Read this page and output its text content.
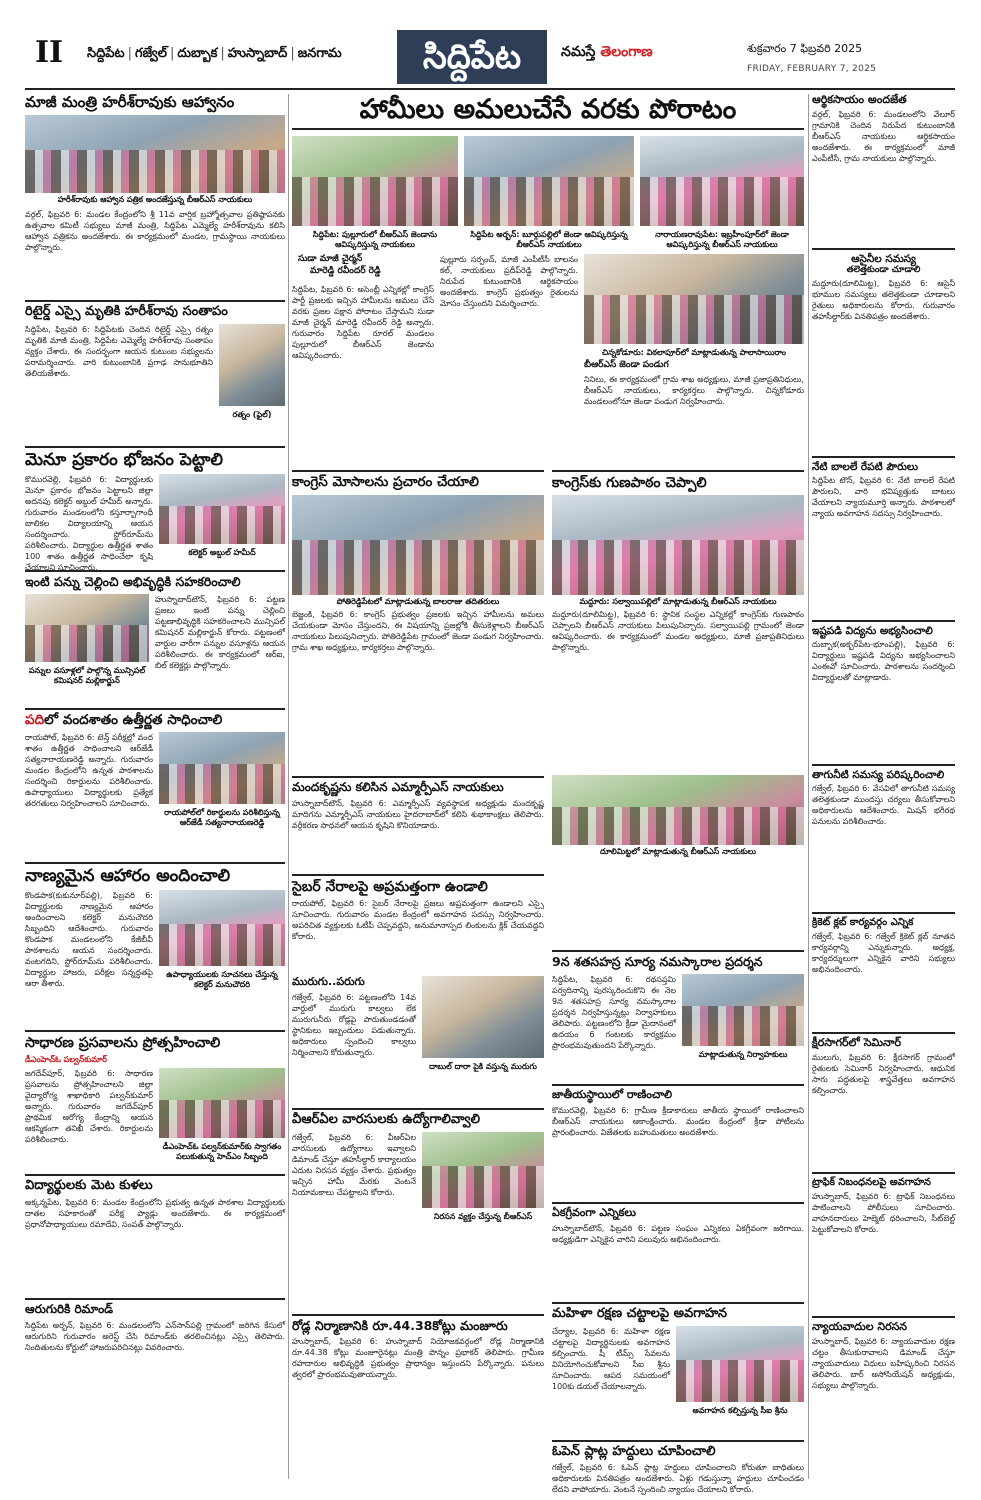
II సిద్దిపేట | గజ్వేల్ | దుబ్బాక | హుస్నాబాద్ | జనగామ	సిద్దిపేట	నమస్తే తెలంగాణ	శుక్రవారం 7 ఫిబ్రవరి 2025
FRIDAY, FEBRUARY 7, 2025
మాజీ మంత్రి హరీశ్‌రావుకు ఆహ్వానం
హరీశ్‌రావుకు ఆహ్వాన పత్రిక అందజేస్తున్న బీఆర్‌ఎస్ నాయకులు
వర్గల్, ఫిబ్రవరి 6: మండల కేంద్రంలోని శ్రీ 11వ వార్షిక బ్రహ్మోత్సవాల ప్రతిష్ఠాపనకు ఉత్సవాల కమిటీ సభ్యులు మాజీ మంత్రి, సిద్దిపేట ఎమ్మెల్యే హరీశ్‌రావును కలిసి ఆహ్వాన పత్రికను అందజేశారు. ఈ కార్యక్రమంలో మండల, గ్రామస్థాయి నాయకులు పాల్గొన్నారు.
రిటైర్డ్ ఎస్సై మృతికి హరీశ్‌రావు సంతాపం
సిద్దిపేట, ఫిబ్రవరి 6: సిద్దిపేటకు చెందిన రిటైర్డ్ ఎస్సై రత్నం మృతికి మాజీ మంత్రి, సిద్దిపేట ఎమ్మెల్యే హరీశ్‌రావు సంతాపం వ్యక్తం చేశారు. ఈ సందర్భంగా ఆయన కుటుంబ సభ్యులను పరామర్శించారు. వారి కుటుంబానికి ప్రగాఢ సానుభూతిని తెలియజేశారు.
రత్నం (ఫైల్)
మెనూ ప్రకారం భోజనం పెట్టాలి
కొమురవెల్లి, ఫిబ్రవరి 6: విద్యార్థులకు మెనూ ప్రకారం భోజనం పెట్టాలని జిల్లా అదనపు కలెక్టర్ అబ్దుల్ హమీద్ అన్నారు. గురువారం మండలంలోని కస్తూర్బాగాంధీ బాలికల విద్యాలయాన్ని ఆయన సందర్శించారు. స్టోర్‌రూమ్‌ను పరిశీలించారు. విద్యార్థుల ఉత్తీర్ణత శాతం 100 శాతం ఉత్తీర్ణత సాధించేలా కృషి చేయాలని సూచించారు.
కలెక్టర్ అబ్దుల్ హమీద్
ఇంటి పన్ను చెల్లించి అభివృద్ధికి సహకరించాలి
పన్నుల వసూళ్లలో పాల్గొన్న మున్సిపల్ కమిషనర్ మల్లికార్జున్
హుస్నాబాద్‌టౌన్, ఫిబ్రవరి 6: పట్టణ ప్రజలు ఇంటి పన్ను చెల్లించి పట్టణాభివృద్ధికి సహకరించాలని మున్సిపల్ కమిషనర్ మల్లికార్జున్ కోరారు. పట్టణంలో వార్డుల వారీగా పన్నుల వసూళ్లను ఆయన పరిశీలించారు. ఈ కార్యక్రమంలో ఆర్‌ఐ, బిల్ కలెక్టర్లు పాల్గొన్నారు.
పదిలో వందశాతం ఉత్తీర్ణత సాధించాలి
రాయపోల్, ఫిబ్రవరి 6: టెన్త్ పరీక్షల్లో వంద శాతం ఉత్తీర్ణత సాధించాలని ఆర్‌జేడీ సత్యనారాయణరెడ్డి అన్నారు. గురువారం మండల కేంద్రంలోని ఉన్నత పాఠశాలను సందర్శించి రికార్డులను పరిశీలించారు. ఉపాధ్యాయులు విద్యార్థులకు ప్రత్యేక తరగతులు నిర్వహించాలని సూచించారు.
రాయపోల్‌లో రికార్డులను పరిశీలిస్తున్న ఆర్‌జేడీ సత్యనారాయణరెడ్డి
నాణ్యమైన ఆహారం అందించాలి
కొండపాక(కుకునూర్‌పల్లి), ఫిబ్రవరి 6: విద్యార్థులకు నాణ్యమైన ఆహారం అందించాలని కలెక్టర్ మనుచౌదరి సిబ్బందిని ఆదేశించారు. గురువారం కొండపాక మండలంలోని కేజీబీవీ పాఠశాలను ఆయన సందర్శించారు. వంటగదిని, స్టోర్‌రూమ్‌ను పరిశీలించారు. విద్యార్థుల హాజరు, పరీక్షల సన్నద్ధతపై ఆరా తీశారు.
ఉపాధ్యాయులకు సూచనలు చేస్తున్న కలెక్టర్ మనుచౌదరి
సాధారణ ప్రసవాలను ప్రోత్సహించాలి
డీఎంహెచ్‌ఓ పల్వన్‌కుమార్
జగదేవ్‌పూర్, ఫిబ్రవరి 6: సాధారణ ప్రసవాలను ప్రోత్సహించాలని జిల్లా వైద్యారోగ్య శాఖాధికారి పల్వన్‌కుమార్ అన్నారు. గురువారం జగదేవ్‌పూర్ ప్రాథమిక ఆరోగ్య కేంద్రాన్ని ఆయన ఆకస్మికంగా తనిఖీ చేశారు. రికార్డులను పరిశీలించారు.
డీఎంహెచ్‌ఓ పల్వన్‌కుమార్‌కు స్వాగతం పలుకుతున్న హెచ్‌ఎం సిబ్బంది
విద్యార్థులకు మెట కుళలు
అక్కన్నపేట, ఫిబ్రవరి 6: మండల కేంద్రంలోని ప్రభుత్వ ఉన్నత పాఠశాల విద్యార్థులకు దాతల సహకారంతో పరీక్ష ప్యాడ్లు అందజేశారు. ఈ కార్యక్రమంలో ప్రధానోపాధ్యాయులు రమాదేవి, సంపత్ పాల్గొన్నారు.
ఆరుగురికి రిమాండ్
సిద్దిపేట అర్బన్, ఫిబ్రవరి 6: మండలంలోని ఎన్‌సాన్‌పల్లి గ్రామంలో జరిగిన కేసులో ఆరుగురిని గురువారం అరెస్ట్ చేసి రిమాండ్‌కు తరలించినట్లు ఎస్సై తెలిపారు. నిందితులను కోర్టులో హాజరుపరిచినట్లు వివరించారు.
హామీలు అమలుచేసే వరకు పోరాటం
సిద్దిపేట: పుల్లూరులో బీఆర్‌ఎస్ జెండాను ఆవిష్కరిస్తున్న నాయకులు
సిద్దిపేట అర్బన్: బూర్గుపల్లిలో జెండా ఆవిష్కరిస్తున్న బీఆర్‌ఎస్ నాయకులు
నారాయణరావుపేట: ఇబ్రహీంపూర్‌లో జెండా ఆవిష్కరిస్తున్న బీఆర్‌ఎస్ నాయకులు
సుడా మాజీ చైర్మన్
మారెడ్డి రవీందర్ రెడ్డి
సిద్దిపేట, ఫిబ్రవరి 6: అసెంబ్లీ ఎన్నికల్లో కాంగ్రెస్ పార్టీ ప్రజలకు ఇచ్చిన హామీలను అమలు చేసే వరకు ప్రజల పక్షాన పోరాటం చేస్తామని సుడా మాజీ చైర్మన్ మారెడ్డి రవీందర్ రెడ్డి అన్నారు. గురువారం సిద్దిపేట రూరల్ మండలం పుల్లూరులో బీఆర్‌ఎస్ జెండాను ఆవిష్కరించారు.
పుల్లూరు సర్పంచ్, మాజీ ఎంపీటీసీ బాలనం కల్, నాయకులు ప్రదీప్‌రెడ్డి పాల్గొన్నారు. నిరుపేద కుటుంబానికి ఆర్థికసాయం అందజేశారు. కాంగ్రెస్ ప్రభుత్వం రైతులను మోసం చేస్తుందని విమర్శించారు.
చిన్నకోడూరు: విఠలాపూర్‌లో మాట్లాడుతున్న పాలాసాయిరాం
బీఆర్‌ఎస్ జెండా పండుగ
నినిలు, ఈ కార్యక్రమంలో గ్రామ శాఖ అధ్యక్షులు, మాజీ ప్రజాప్రతినిధులు, బీఆర్‌ఎస్ నాయకులు, కార్యకర్తలు పాల్గొన్నారు. చిన్నకోడూరు మండలంలోనూ జెండా పండుగ నిర్వహించారు.
కాంగ్రెస్ మోసాలను ప్రచారం చేయాలి
పోతిరెడ్డిపేటలో మాట్లాడుతున్న బాలరాజు తదితరులు
బెజ్జంకి, ఫిబ్రవరి 6: కాంగ్రెస్ ప్రభుత్వం ప్రజలకు ఇచ్చిన హామీలను అమలు చేయకుండా మోసం చేస్తుందని, ఈ విషయాన్ని ప్రజల్లోకి తీసుకెళ్లాలని బీఆర్‌ఎస్ నాయకులు పిలుపునిచ్చారు. పోతిరెడ్డిపేట గ్రామంలో జెండా పండుగ నిర్వహించారు. గ్రామ శాఖ అధ్యక్షులు, కార్యకర్తలు పాల్గొన్నారు.
కాంగ్రెస్‌కు గుణపాఠం చెప్పాలి
మద్దూరు: సల్వాయిపల్లిలో మాట్లాడుతున్న బీఆర్‌ఎస్ నాయకులు
మద్దూరు(దూలిమిట్ట), ఫిబ్రవరి 6: స్థానిక సంస్థల ఎన్నికల్లో కాంగ్రెస్‌కు గుణపాఠం చెప్పాలని బీఆర్‌ఎస్ నాయకులు పిలుపునిచ్చారు. సల్వాయిపల్లి గ్రామంలో జెండా ఆవిష్కరించారు. ఈ కార్యక్రమంలో మండల అధ్యక్షులు, మాజీ ప్రజాప్రతినిధులు పాల్గొన్నారు.
దూలిమిట్టలో మాట్లాడుతున్న బీఆర్‌ఎస్ నాయకులు
మందకృష్ణను కలిసిన ఎమ్మార్పీఎస్ నాయకులు
హుస్నాబాద్‌టౌన్, ఫిబ్రవరి 6: ఎమ్మార్పీఎస్ వ్యవస్థాపక అధ్యక్షుడు మందకృష్ణ మాదిగను ఎమ్మార్పీఎస్ నాయకులు హైదరాబాద్‌లో కలిసి శుభాకాంక్షలు తెలిపారు. వర్గీకరణ సాధనలో ఆయన కృషిని కొనియాడారు.
సైబర్ నేరాలపై అప్రమత్తంగా ఉండాలి
రాయపోల్, ఫిబ్రవరి 6: సైబర్ నేరాలపై ప్రజలు అప్రమత్తంగా ఉండాలని ఎస్సై సూచించారు. గురువారం మండల కేంద్రంలో అవగాహన సదస్సు నిర్వహించారు. అపరిచిత వ్యక్తులకు ఓటీపీ చెప్పవద్దని, అనుమానాస్పద లింకులను క్లిక్ చేయవద్దని కోరారు.
మురుగు..పరుగు
గజ్వేల్, ఫిబ్రవరి 6: పట్టణంలోని 14వ వార్డులో మురుగు కాల్వలు లేక మురుగునీరు రోడ్లపై పారుతుండడంతో స్థానికులు ఇబ్బందులు పడుతున్నారు. అధికారులు స్పందించి కాల్వలు నిర్మించాలని కోరుతున్నారు.
దాబుల్ దారా పైకి వస్తున్న మురుగు
9న శతసహస్ర సూర్య నమస్కారాల ప్రదర్శన
సిద్దిపేట, ఫిబ్రవరి 6: రథసప్తమి పర్వదినాన్ని పురస్కరించుకొని ఈ నెల 9న శతసహస్ర సూర్య నమస్కారాల ప్రదర్శన నిర్వహిస్తున్నట్లు నిర్వాహకులు తెలిపారు. పట్టణంలోని క్రీడా మైదానంలో ఉదయం 6 గంటలకు కార్యక్రమం ప్రారంభమవుతుందని పేర్కొన్నారు.
మాట్లాడుతున్న నిర్వాహకులు
జాతీయస్థాయిలో రాణించాలి
కొమురవెల్లి, ఫిబ్రవరి 6: గ్రామీణ క్రీడాకారులు జాతీయ స్థాయిలో రాణించాలని బీఆర్‌ఎస్ నాయకులు ఆకాంక్షించారు. మండల కేంద్రంలో క్రీడా పోటీలను ప్రారంభించారు. విజేతలకు బహుమతులు అందజేశారు.
వీఆర్‌ఏల వారసులకు ఉద్యోగాలివ్వాలి
గజ్వేల్, ఫిబ్రవరి 6: వీఆర్‌ఏల వారసులకు ఉద్యోగాలు ఇవ్వాలని డిమాండ్ చేస్తూ తహసీల్దార్ కార్యాలయం ఎదుట నిరసన వ్యక్తం చేశారు. ప్రభుత్వం ఇచ్చిన హామీ మేరకు వెంటనే నియామకాలు చేపట్టాలని కోరారు.
నిరసన వ్యక్తం చేస్తున్న బీఆర్‌ఎస్	ఏకగ్రీవంగా ఎన్నికలు
హుస్నాబాద్‌టౌన్, ఫిబ్రవరి 6: పట్టణ సంఘం ఎన్నికలు ఏకగ్రీవంగా జరిగాయి. అధ్యక్షుడిగా ఎన్నికైన వారిని పలువురు అభినందించారు.
మహిళా రక్షణ చట్టాలపై అవగాహన
చేర్యాల, ఫిబ్రవరి 6: మహిళా రక్షణ చట్టాలపై విద్యార్థినులకు అవగాహన కల్పించారు. షీ టీమ్స్ సేవలను వినియోగించుకోవాలని సీఐ శ్రీను సూచించారు. ఆపద సమయంలో 100కు డయల్ చేయాలన్నారు.
అవగాహన కల్పిస్తున్న సీఐ శ్రీను
రోడ్ల నిర్మాణానికి రూ.44.38కోట్లు మంజూరు
హుస్నాబాద్, ఫిబ్రవరి 6: హుస్నాబాద్ నియోజకవర్గంలో రోడ్ల నిర్మాణానికి రూ.44.38 కోట్లు మంజూరైనట్లు మంత్రి పొన్నం ప్రభాకర్ తెలిపారు. గ్రామీణ రహదారుల అభివృద్ధికి ప్రభుత్వం ప్రాధాన్యం ఇస్తుందని పేర్కొన్నారు. పనులు త్వరలో ప్రారంభమవుతాయన్నారు.
ఓపెన్ ప్లాట్ల హద్దులు చూపించాలి
గజ్వేల్, ఫిబ్రవరి 6: ఓపెన్ ప్లాట్ల హద్దులు చూపించాలని కోరుతూ బాధితులు అధికారులకు వినతిపత్రం అందజేశారు. ఏళ్లు గడుస్తున్నా హద్దులు చూపించడం లేదని వాపోయారు. వెంటనే స్పందించి న్యాయం చేయాలని కోరారు.
ఆర్థికసాయం అందజేత
వర్గల్, ఫిబ్రవరి 6: మండలంలోని వేలూర్ గ్రామానికి చెందిన నిరుపేద కుటుంబానికి బీఆర్‌ఎస్ నాయకులు ఆర్థికసాయం అందజేశారు. ఈ కార్యక్రమంలో మాజీ ఎంపీటీసీ, గ్రామ నాయకులు పాల్గొన్నారు.
ఆసైనీల సమస్య
తలెత్తకుండా చూడాలి
మద్దూరు(దూలిమిట్ట), ఫిబ్రవరి 6: ఆసైనీ భూముల సమస్యలు తలెత్తకుండా చూడాలని రైతులు అధికారులను కోరారు. గురువారం తహసీల్దార్‌కు వినతిపత్రం అందజేశారు.
నేటి బాలలే రేపటి పౌరులు
సిద్దిపేట టౌన్, ఫిబ్రవరి 6: నేటి బాలలే రేపటి పౌరులని, వారి భవిష్యత్తుకు బాటలు వేయాలని న్యాయమూర్తి అన్నారు. పాఠశాలలో న్యాయ అవగాహన సదస్సు నిర్వహించారు.
ఇష్టపడి విద్యను అభ్యసించాలి
దుబ్బాక(అక్బర్‌పేట-భూంపల్లి), ఫిబ్రవరి 6: విద్యార్థులు ఇష్టపడి విద్యను అభ్యసించాలని ఎంఈవో సూచించారు. పాఠశాలను సందర్శించి విద్యార్థులతో మాట్లాడారు.
తాగునీటి సమస్య పరిష్కరించాలి
గజ్వేల్, ఫిబ్రవరి 6: వేసవిలో తాగునీటి సమస్య తలెత్తకుండా ముందస్తు చర్యలు తీసుకోవాలని అధికారులను ఆదేశించారు. మిషన్ భగీరథ పనులను పరిశీలించారు.
క్రికెట్ క్లబ్ కార్యవర్గం ఎన్నిక
గజ్వేల్, ఫిబ్రవరి 6: గజ్వేల్ క్రికెట్ క్లబ్ నూతన కార్యవర్గాన్ని ఎన్నుకున్నారు. అధ్యక్ష, కార్యదర్శులుగా ఎన్నికైన వారిని సభ్యులు అభినందించారు.
క్షీరసాగర్‌లో సెమినార్
ములుగు, ఫిబ్రవరి 6: క్షీరసాగర్ గ్రామంలో రైతులకు సెమినార్ నిర్వహించారు. ఆధునిక సాగు పద్ధతులపై శాస్త్రవేత్తలు అవగాహన కల్పించారు.
ట్రాఫిక్ నిబంధనలపై అవగాహన
హుస్నాబాద్, ఫిబ్రవరి 6: ట్రాఫిక్ నిబంధనలు పాటించాలని పోలీసులు సూచించారు. వాహనదారులు హెల్మెట్ ధరించాలని, సీట్‌బెల్ట్ పెట్టుకోవాలని కోరారు.
న్యాయవాదుల నిరసన
హుస్నాబాద్, ఫిబ్రవరి 6: న్యాయవాదుల రక్షణ చట్టం తీసుకురావాలని డిమాండ్ చేస్తూ న్యాయవాదులు విధులు బహిష్కరించి నిరసన తెలిపారు. బార్ అసోసియేషన్ అధ్యక్షుడు, సభ్యులు పాల్గొన్నారు.
